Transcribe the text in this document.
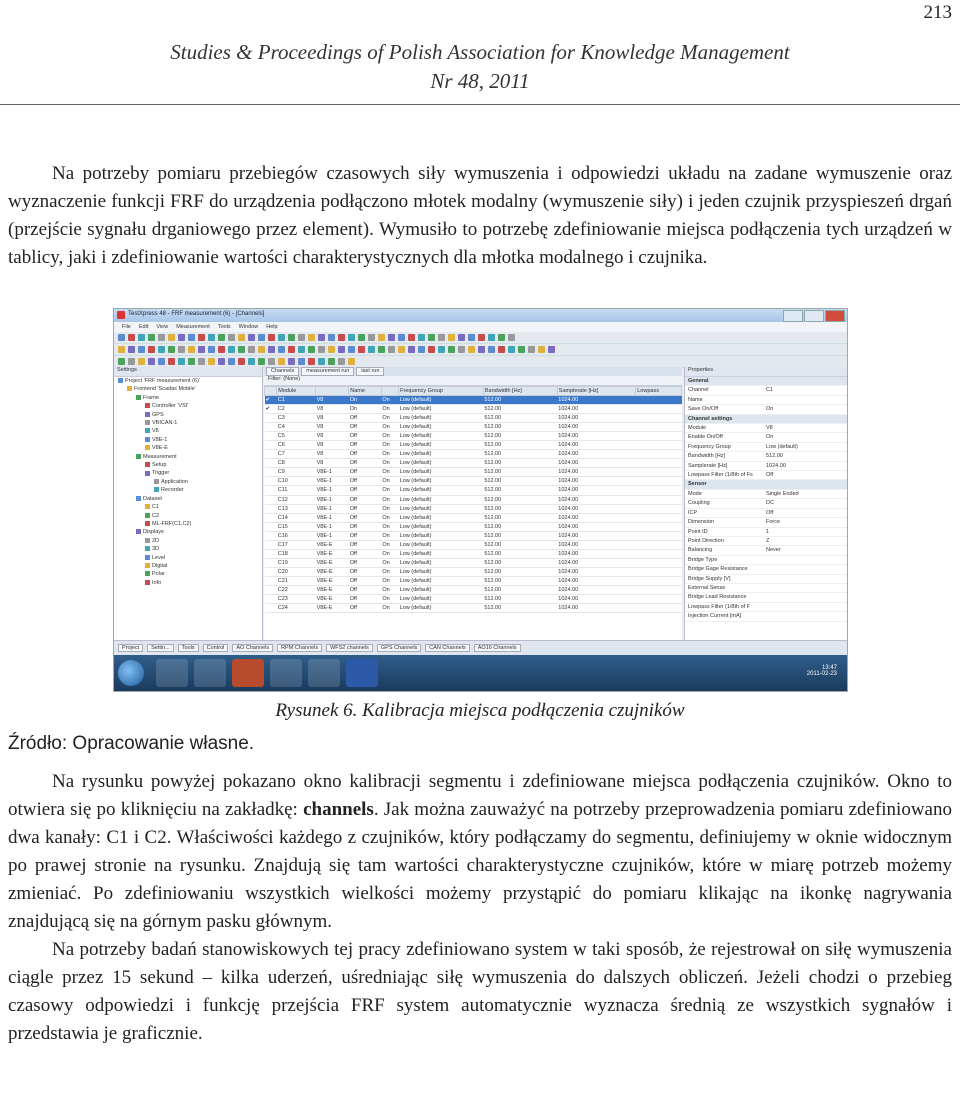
213
Studies & Proceedings of Polish Association for Knowledge Management
Nr 48, 2011

Na potrzeby pomiaru przebiegów czasowych siły wymuszenia i odpowiedzi układu na zadane wymuszenie oraz wyznaczenie funkcji FRF do urządzenia podłączono młotek modalny (wymuszenie siły) i jeden czujnik przyspieszeń drgań (przejście sygnału drganiowego przez element). Wymusiło to potrzebę zdefiniowanie miejsca podłączenia tych urządzeń w tablicy, jaki i zdefiniowanie wartości charakterystycznych dla młotka modalnego i czujnika.

TestXpress 48 - FRF measurement (6) - [Channels]
File Edit View Measurement Tools Window Help
Settings
Project 'FRF measurement (6)'
Frontend 'Scadas Mobile'
Frame
Controller 'VSI'
GPS
VBICAN-1
V8
V8E-1
V8E-E
Measurement
Setup
Trigger
Application
Recorder
Dataset
C1
C2
ML-FRF(C1,C2)
Displays
2D
3D
Level
Digital
Polar
Info
Channels	measurement run	last run
Filter: (None)
	Module		Name		Frequency Group	Bandwidth [Hz]	Samplerate [Hz]	Lowpass
✔	C1	V8	On	On	Low (default)	512.00	1024.00	
✔	C2	V8	On	On	Low (default)	512.00	1024.00	
	C3	V8	Off	On	Low (default)	512.00	1024.00	
	C4	V8	Off	On	Low (default)	512.00	1024.00	
	C5	V8	Off	On	Low (default)	512.00	1024.00	
	C6	V8	Off	On	Low (default)	512.00	1024.00	
	C7	V8	Off	On	Low (default)	512.00	1024.00	
	C8	V8	Off	On	Low (default)	512.00	1024.00	
	C9	V8E-1	Off	On	Low (default)	512.00	1024.00	
	C10	V8E-1	Off	On	Low (default)	512.00	1024.00	
	C11	V8E-1	Off	On	Low (default)	512.00	1024.00	
	C12	V8E-1	Off	On	Low (default)	512.00	1024.00	
	C13	V8E-1	Off	On	Low (default)	512.00	1024.00	
	C14	V8E-1	Off	On	Low (default)	512.00	1024.00	
	C15	V8E-1	Off	On	Low (default)	512.00	1024.00	
	C16	V8E-1	Off	On	Low (default)	512.00	1024.00	
	C17	V8E-E	Off	On	Low (default)	512.00	1024.00	
	C18	V8E-E	Off	On	Low (default)	512.00	1024.00	
	C19	V8E-E	Off	On	Low (default)	512.00	1024.00	
	C20	V8E-E	Off	On	Low (default)	512.00	1024.00	
	C21	V8E-E	Off	On	Low (default)	512.00	1024.00	
	C22	V8E-E	Off	On	Low (default)	512.00	1024.00	
	C23	V8E-E	Off	On	Low (default)	512.00	1024.00	
	C24	V8E-E	Off	On	Low (default)	512.00	1024.00	
Properties
General
Channel	C1
Name
Save On/Off	On
Channel settings
Module	V8
Enable On/Off	On
Frequency Group	Low (default)
Bandwidth [Hz]	512.00
Samplerate [Hz]	1024.00
Lowpass Filter (1/8th of Fs	Off
Sensor
Mode	Single Ended
Coupling	DC
ICP	Off
Dimension	Force
Point ID	1
Point Direction	Z
Balancing	Never
Bridge Type
Bridge Gage Resistance
Bridge Supply [V]
External Sense
Bridge Lead Resistance
Lowpass Filter (1/8th of F
Injection Current [mA]
Project	Settin...	Tools	Control	AO Channels	RPM Channels	WFS2 channels	GPS Channels	CAN Channels	AO16 Channels
13:47
2011-02-23
Rysunek 6. Kalibracja miejsca podłączenia czujników
Źródło: Opracowanie własne.

Na rysunku powyżej pokazano okno kalibracji segmentu i zdefiniowane miejsca podłączenia czujników. Okno to otwiera się po kliknięciu na zakładkę: channels. Jak można zauważyć na potrzeby przeprowadzenia pomiaru zdefiniowano dwa kanały: C1 i C2. Właściwości każdego z czujników, który podłączamy do segmentu, definiujemy w oknie widocznym po prawej stronie na rysunku. Znajdują się tam wartości charakterystyczne czujników, które w miarę potrzeb możemy zmieniać. Po zdefiniowaniu wszystkich wielkości możemy przystąpić do pomiaru klikając na ikonkę nagrywania znajdującą się na górnym pasku głównym.

Na potrzeby badań stanowiskowych tej pracy zdefiniowano system w taki sposób, że rejestrował on siłę wymuszenia ciągle przez 15 sekund – kilka uderzeń, uśredniając siłę wymuszenia do dalszych obliczeń. Jeżeli chodzi o przebieg czasowy odpowiedzi i funkcję przejścia FRF system automatycznie wyznacza średnią ze wszystkich sygnałów i przedstawia je graficznie.
